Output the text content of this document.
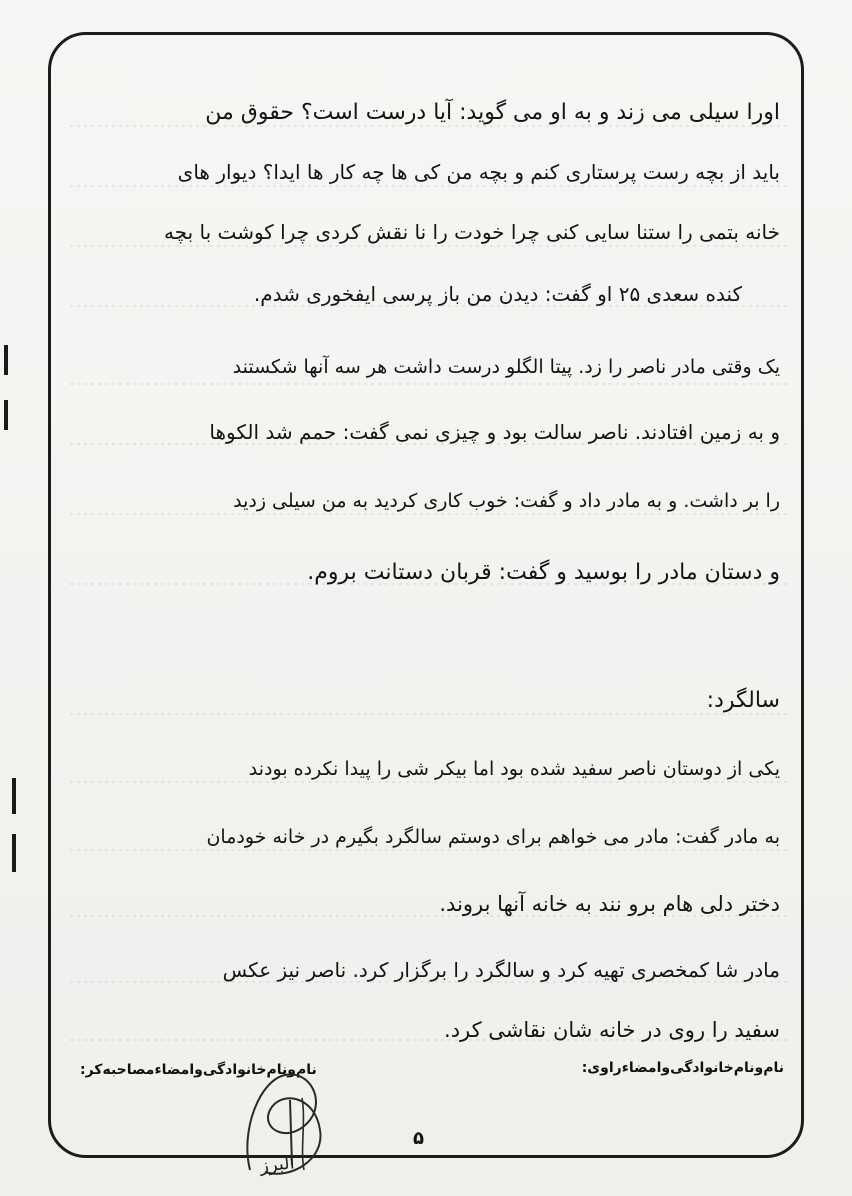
اورا سیلی می زند و به او می گوید: آیا درست است؟ حقوق من
باید از بچه رست پرستاری کنم و بچه من کی ها چه کار ها ایدا؟ دیوار های
خانه بتمی را ستنا سایی کنی چرا خودت را نا نقش کردی چرا کوشت با بچه
کنده سعدی ۲۵ او گفت: دیدن من باز پرسی ایفخوری شدم.
یک وقتی مادر ناصر را زد. پیتا الگلو درست داشت هر سه آنها شکستند
و به زمین افتادند. ناصر سالت بود و چیزی نمی گفت: حمم شد الکوها
را بر داشت. و به مادر داد و گفت: خوب کاری کردید به من سیلی زدید
و دستان مادر را بوسید و گفت: قربان دستانت بروم.
سالگرد:
یکی از دوستان ناصر سفید شده بود اما بیکر شی را پیدا نکرده بودند
به مادر گفت: مادر می خواهم برای دوستم سالگرد بگیرم در خانه خودمان
دختر دلی هام برو نند به خانه آنها بروند.
مادر شا کمخصری تهیه کرد و سالگرد را برگزار کرد. ناصر نیز عکس
سفید را روی در خانه شان نقاشی کرد.
نام‌ونام‌خانوادگی‌وامضاءراوی:
نام‌ونام‌خانوادگی‌وامضاءمصاحبه‌کر:
البرز
۵
